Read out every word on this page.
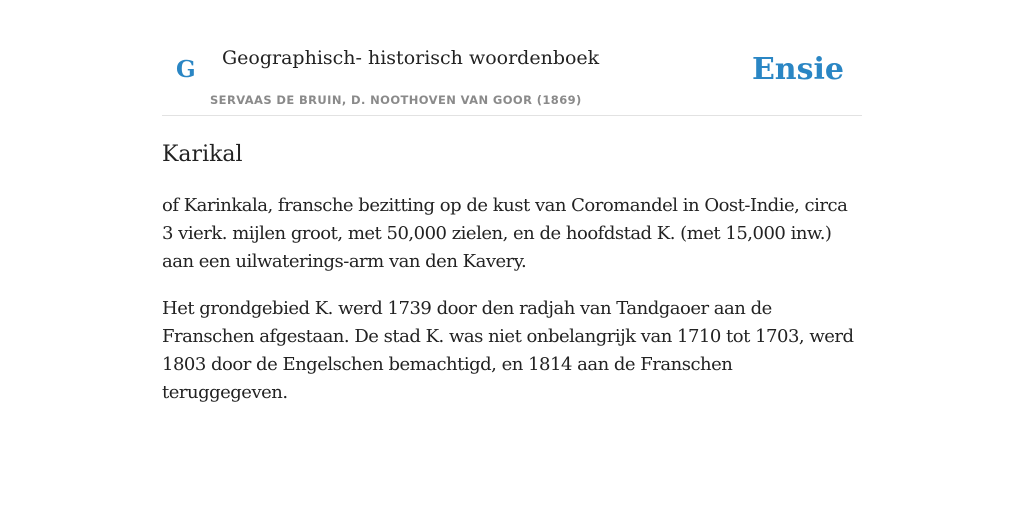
G Geographisch- historisch woordenboek
SERVAAS DE BRUIN, D. NOOTHOVEN VAN GOOR (1869)
Ensie
Karikal

of Karinkala, fransche bezitting op de kust van Coromandel in Oost-Indie, circa 3 vierk. mijlen groot, met 50,000 zielen, en de hoofdstad K. (met 15,000 inw.) aan een uilwaterings-arm van den Kavery.

Het grondgebied K. werd 1739 door den radjah van Tandgaoer aan de Franschen afgestaan. De stad K. was niet onbelangrijk van 1710 tot 1703, werd 1803 door de Engelschen bemachtigd, en 1814 aan de Franschen teruggegeven.
